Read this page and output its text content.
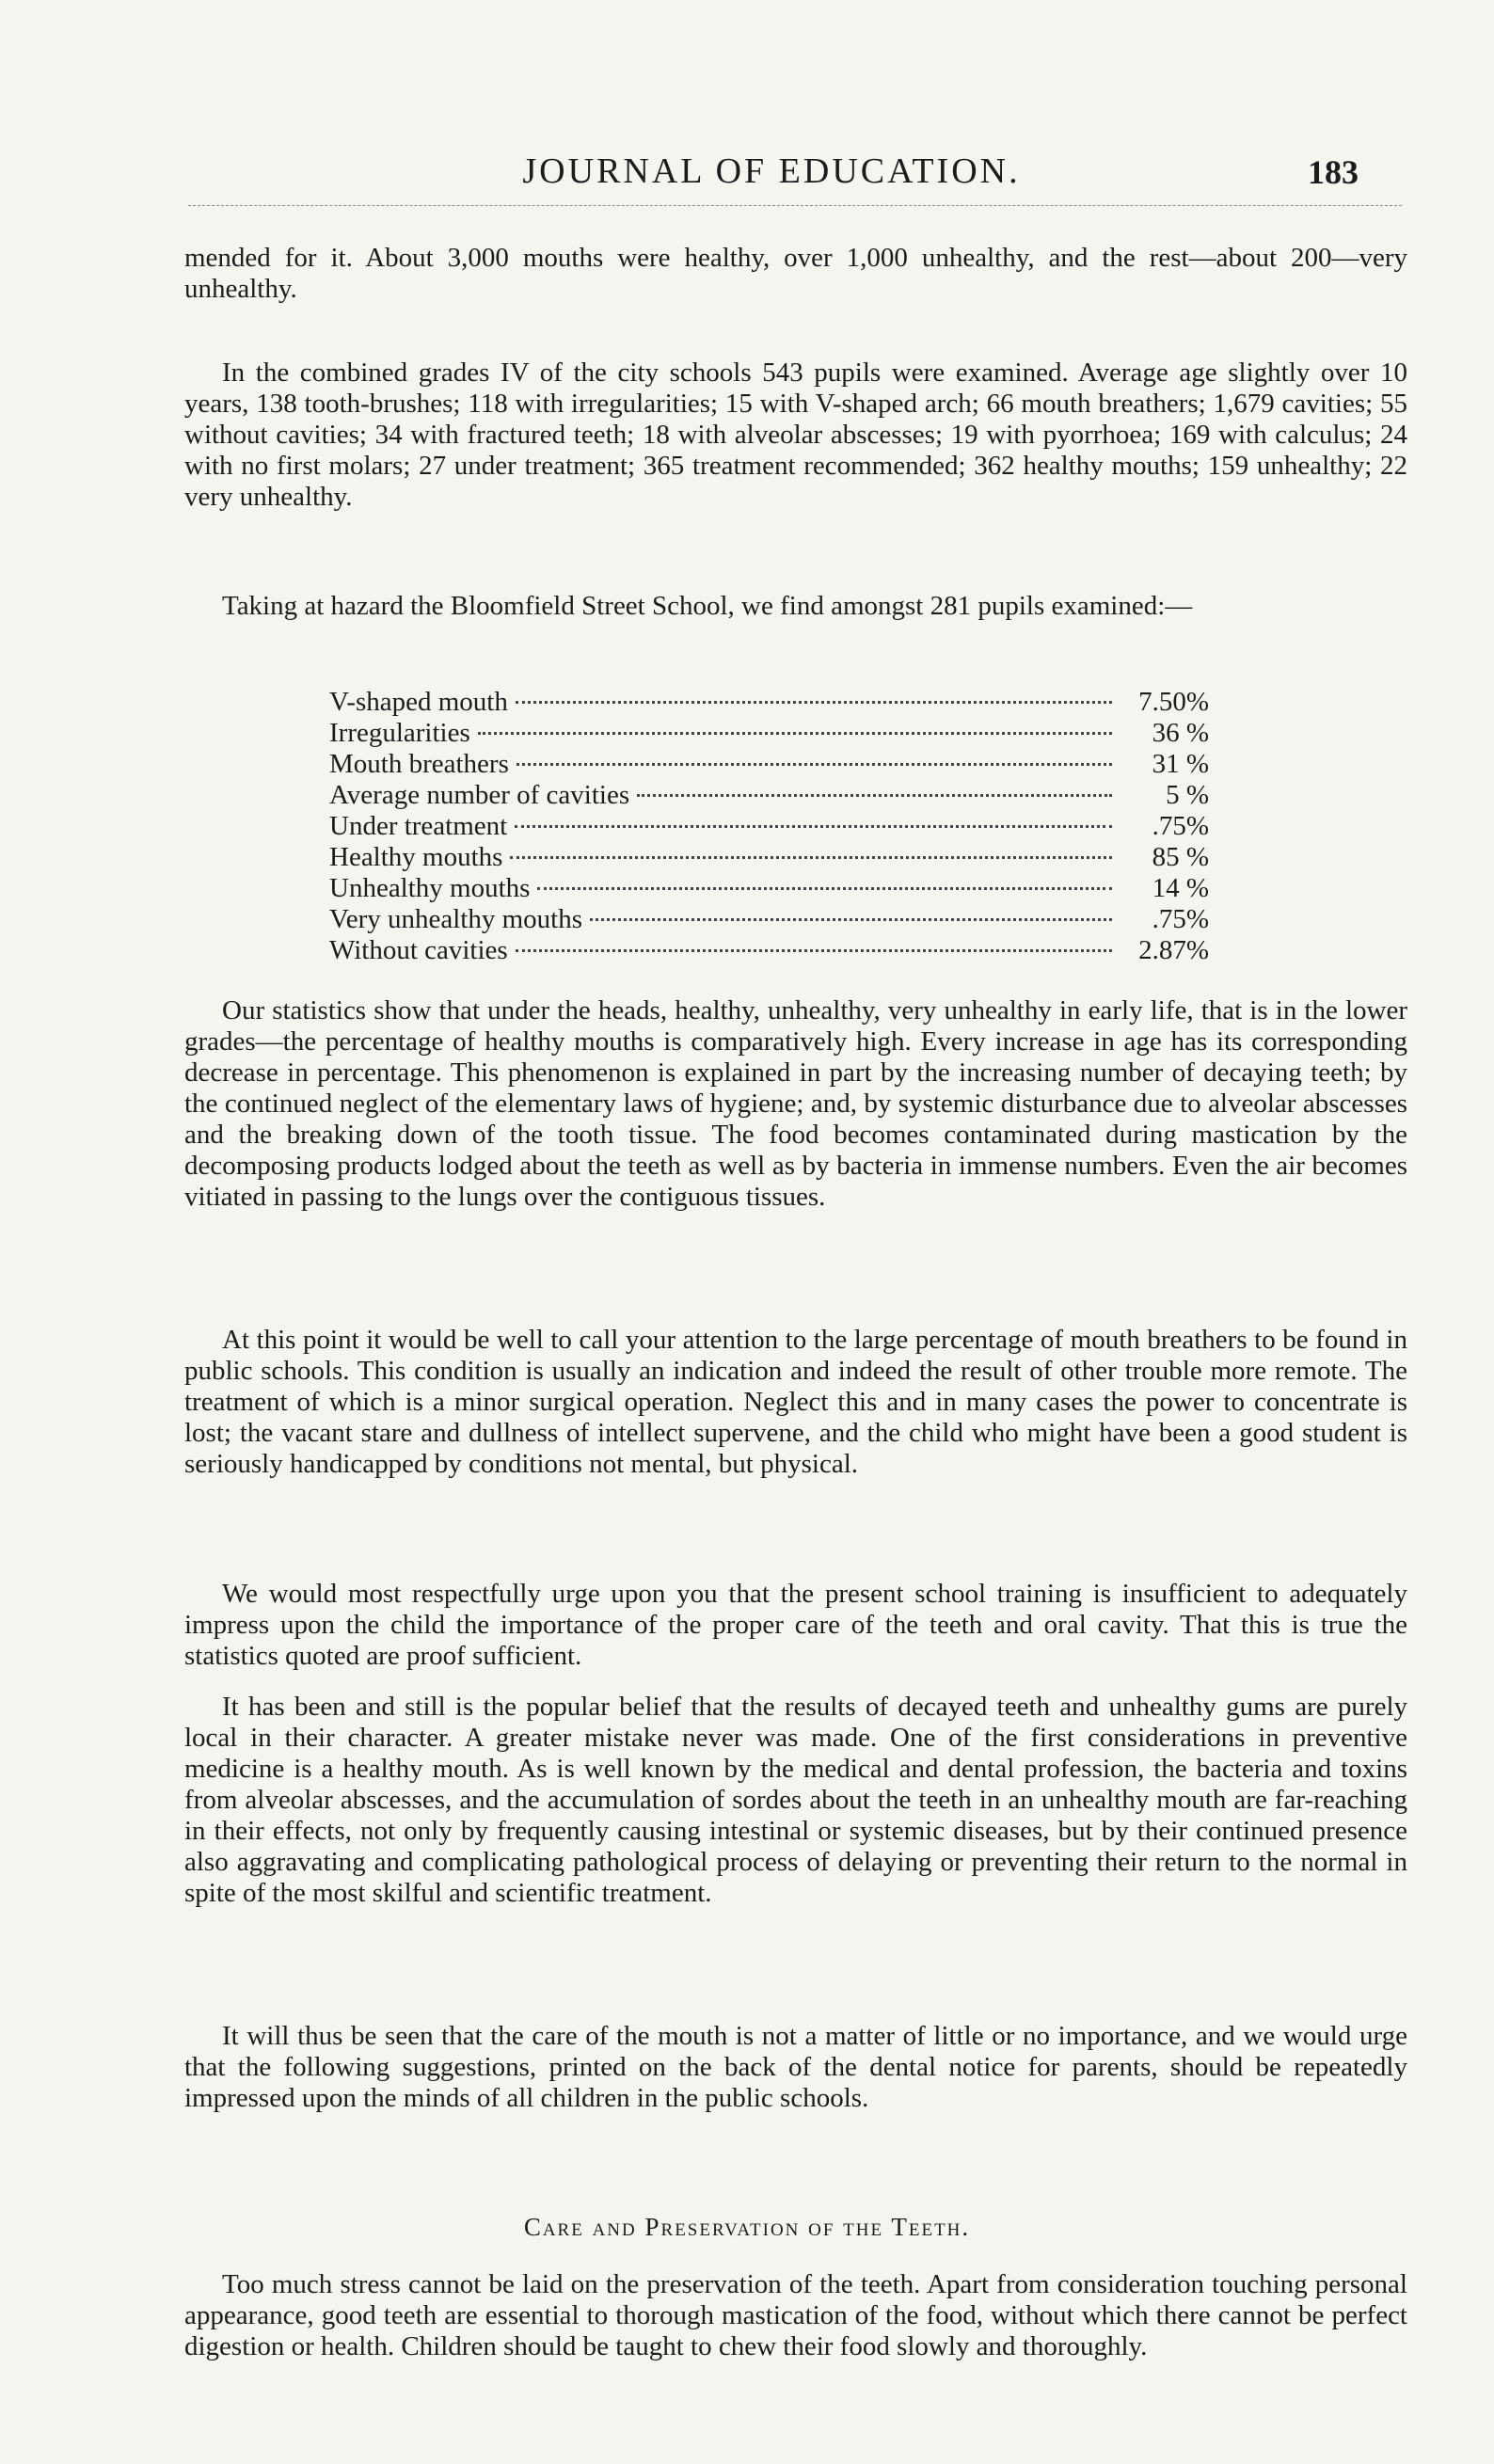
JOURNAL OF EDUCATION.	183

mended for it. About 3,000 mouths were healthy, over 1,000 unhealthy, and the rest—about 200—very unhealthy.

In the combined grades IV of the city schools 543 pupils were examined. Average age slightly over 10 years, 138 tooth-brushes; 118 with irregularities; 15 with V-shaped arch; 66 mouth breathers; 1,679 cavities; 55 without cavities; 34 with fractured teeth; 18 with alveolar abscesses; 19 with pyorrhoea; 169 with calculus; 24 with no first molars; 27 under treatment; 365 treatment recommended; 362 healthy mouths; 159 unhealthy; 22 very unhealthy.

Taking at hazard the Bloomfield Street School, we find amongst 281 pupils examined:—

V-shaped mouth	7.50%
Irregularities	36 %
Mouth breathers	31 %
Average number of cavities	5 %
Under treatment	.75%
Healthy mouths	85 %
Unhealthy mouths	14 %
Very unhealthy mouths	.75%
Without cavities	2.87%

Our statistics show that under the heads, healthy, unhealthy, very unhealthy in early life, that is in the lower grades—the percentage of healthy mouths is comparatively high. Every increase in age has its corresponding decrease in percentage. This phenomenon is explained in part by the increasing number of decaying teeth; by the continued neglect of the elementary laws of hygiene; and, by systemic disturbance due to alveolar abscesses and the breaking down of the tooth tissue. The food becomes contaminated during mastication by the decomposing products lodged about the teeth as well as by bacteria in immense numbers. Even the air becomes vitiated in passing to the lungs over the contiguous tissues.

At this point it would be well to call your attention to the large percentage of mouth breathers to be found in public schools. This condition is usually an indication and indeed the result of other trouble more remote. The treatment of which is a minor surgical operation. Neglect this and in many cases the power to concentrate is lost; the vacant stare and dullness of intellect supervene, and the child who might have been a good student is seriously handicapped by conditions not mental, but physical.

We would most respectfully urge upon you that the present school training is insufficient to adequately impress upon the child the importance of the proper care of the teeth and oral cavity. That this is true the statistics quoted are proof sufficient.

It has been and still is the popular belief that the results of decayed teeth and unhealthy gums are purely local in their character. A greater mistake never was made. One of the first considerations in preventive medicine is a healthy mouth. As is well known by the medical and dental profession, the bacteria and toxins from alveolar abscesses, and the accumulation of sordes about the teeth in an unhealthy mouth are far-reaching in their effects, not only by frequently causing intestinal or systemic diseases, but by their continued presence also aggravating and complicating pathological process of delaying or preventing their return to the normal in spite of the most skilful and scientific treatment.

It will thus be seen that the care of the mouth is not a matter of little or no importance, and we would urge that the following suggestions, printed on the back of the dental notice for parents, should be repeatedly impressed upon the minds of all children in the public schools.

Care and Preservation of the Teeth.

Too much stress cannot be laid on the preservation of the teeth. Apart from consideration touching personal appearance, good teeth are essential to thorough mastication of the food, without which there cannot be perfect digestion or health. Children should be taught to chew their food slowly and thoroughly.
